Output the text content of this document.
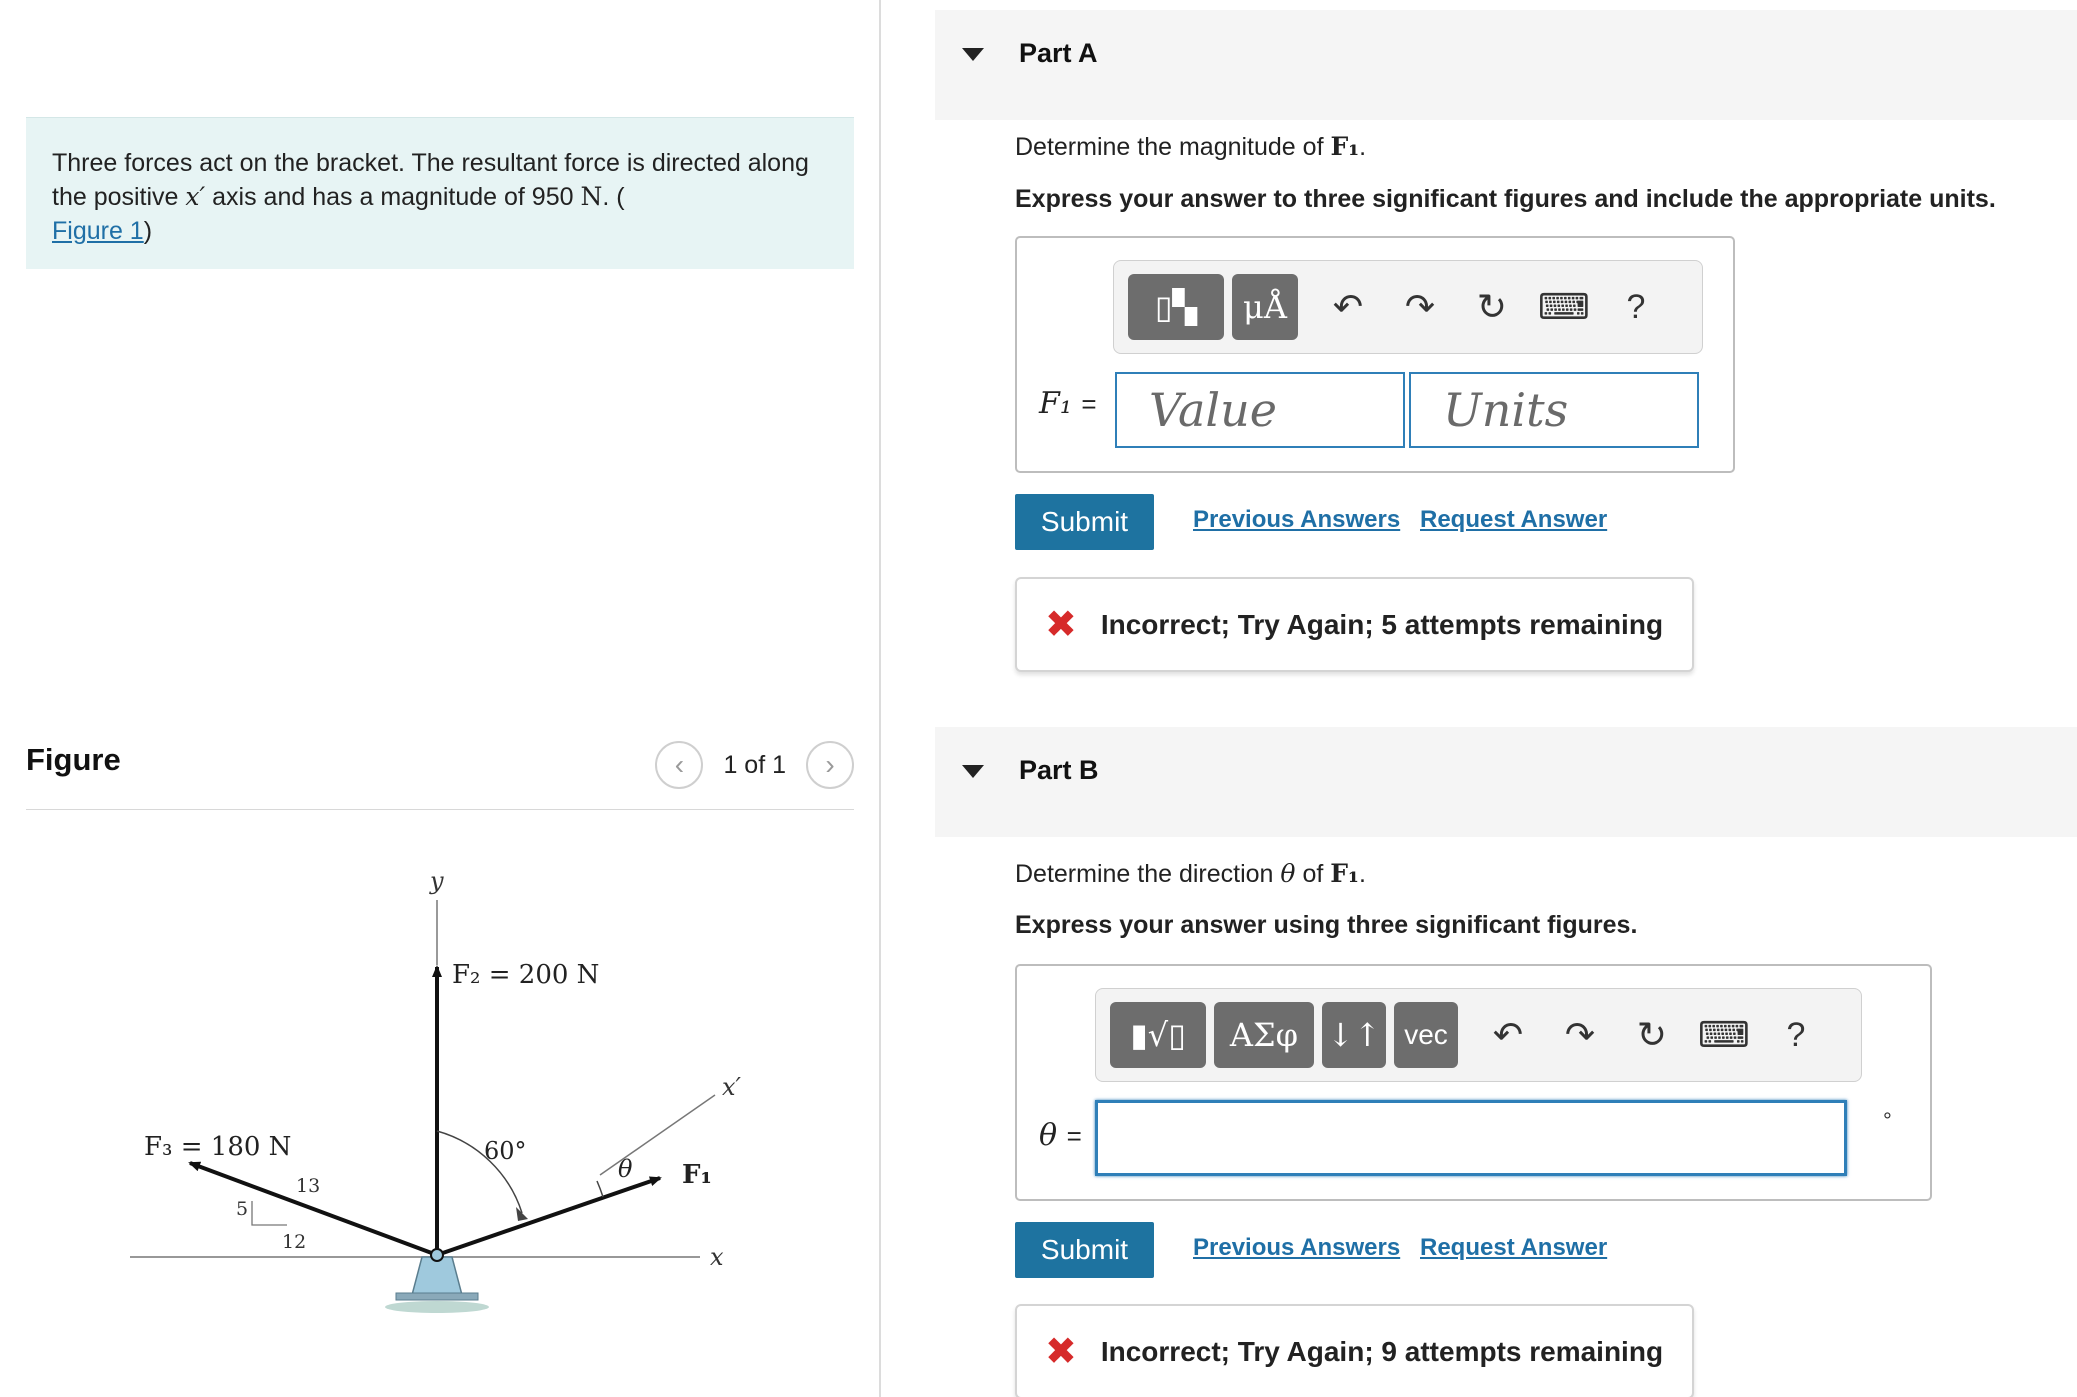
Three forces act on the bracket. The resultant force is directed along the positive x′ axis and has a magnitude of 950 N. (
Figure 1)
Figure	‹ 1 of 1 ›
y
x
x′
F₂ = 200 N
F₃ = 180 N
F₁
60°
θ
13
5
12
Part A
Determine the magnitude of F₁.
Express your answer to three significant figures and include the appropriate units.
▯▚ μÅ	↶	↷	↻ ⌨	?
F₁ =
Value
Units
Submit	Previous Answers Request Answer
✖ Incorrect; Try Again; 5 attempts remaining
Part B
Determine the direction θ of F₁.
Express your answer using three significant figures.
▮√▯ ΑΣφ ↓↑ vec	↶	↷	↻ ⌨	?
θ =
°
Submit	Previous Answers Request Answer
✖ Incorrect; Try Again; 9 attempts remaining
